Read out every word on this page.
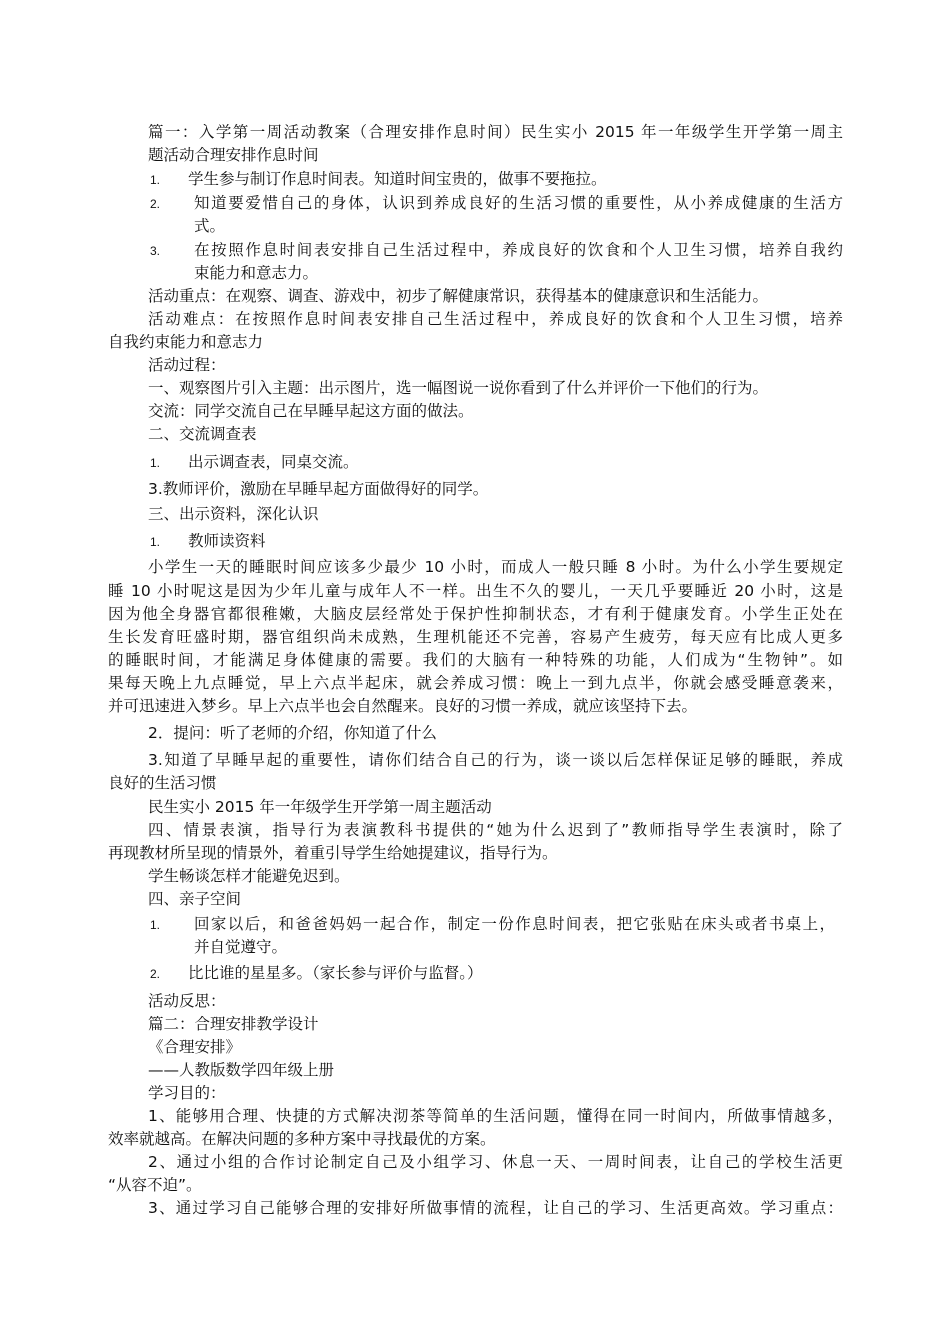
篇一：入学第一周活动教案（合理安排作息时间）民生实小 2015 年一年级学生开学第一周主
题活动合理安排作息时间
1. 学生参与制订作息时间表。知道时间宝贵的，做事不要拖拉。
2. 知道要爱惜自己的身体，认识到养成良好的生活习惯的重要性，从小养成健康的生活方
式。
3. 在按照作息时间表安排自己生活过程中，养成良好的饮食和个人卫生习惯，培养自我约
束能力和意志力。
活动重点：在观察、调查、游戏中，初步了解健康常识，获得基本的健康意识和生活能力。
活动难点：在按照作息时间表安排自己生活过程中，养成良好的饮食和个人卫生习惯，培养
自我约束能力和意志力
活动过程：
一、观察图片引入主题：出示图片，选一幅图说一说你看到了什么并评价一下他们的行为。
交流：同学交流自己在早睡早起这方面的做法。
二、交流调查表
1. 出示调查表，同桌交流。
3.教师评价，激励在早睡早起方面做得好的同学。
三、出示资料，深化认识
1. 教师读资料
小学生一天的睡眠时间应该多少最少 10 小时，而成人一般只睡 8 小时。为什么小学生要规定
睡 10 小时呢这是因为少年儿童与成年人不一样。出生不久的婴儿，一天几乎要睡近 20 小时，这是
因为他全身器官都很稚嫩，大脑皮层经常处于保护性抑制状态，才有利于健康发育。小学生正处在
生长发育旺盛时期，器官组织尚未成熟，生理机能还不完善，容易产生疲劳，每天应有比成人更多
的睡眠时间，才能满足身体健康的需要。我们的大脑有一种特殊的功能，人们成为“生物钟”。如
果每天晚上九点睡觉，早上六点半起床，就会养成习惯：晚上一到九点半，你就会感受睡意袭来，
并可迅速进入梦乡。早上六点半也会自然醒来。良好的习惯一养成，就应该坚持下去。
2．提问：听了老师的介绍，你知道了什么
3.知道了早睡早起的重要性，请你们结合自己的行为，谈一谈以后怎样保证足够的睡眠，养成
良好的生活习惯
民生实小 2015 年一年级学生开学第一周主题活动
四、情景表演，指导行为表演教科书提供的“她为什么迟到了”教师指导学生表演时，除了
再现教材所呈现的情景外，着重引导学生给她提建议，指导行为。
学生畅谈怎样才能避免迟到。
四、亲子空间
1. 回家以后，和爸爸妈妈一起合作，制定一份作息时间表，把它张贴在床头或者书桌上，
并自觉遵守。
2. 比比谁的星星多。（家长参与评价与监督。）
活动反思：
篇二：合理安排教学设计
《合理安排》
——人教版数学四年级上册
学习目的：
1、能够用合理、快捷的方式解决沏茶等简单的生活问题，懂得在同一时间内，所做事情越多，
效率就越高。在解决问题的多种方案中寻找最优的方案。
2、通过小组的合作讨论制定自己及小组学习、休息一天、一周时间表，让自己的学校生活更
“从容不迫”。
3、通过学习自己能够合理的安排好所做事情的流程，让自己的学习、生活更高效。学习重点：
